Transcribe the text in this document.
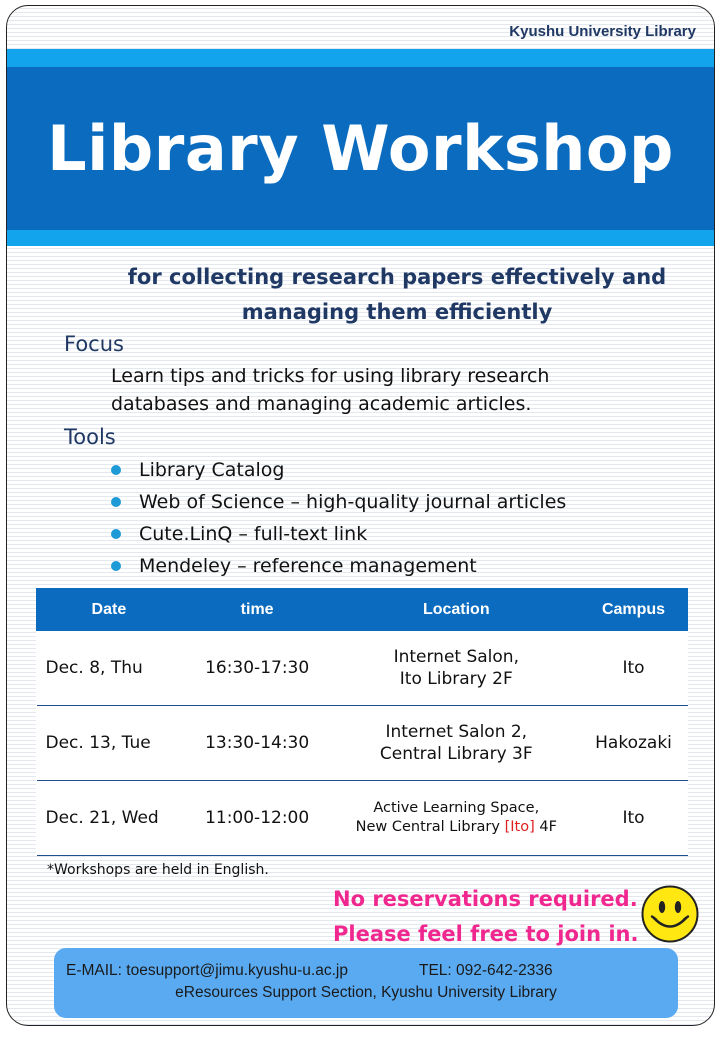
Kyushu University Library
Library Workshop
for collecting research papers effectively and
managing them efficiently
Focus
Learn tips and tricks for using library research
databases and managing academic articles.
Tools
Library Catalog
Web of Science – high-quality journal articles
Cute.LinQ – full-text link
Mendeley – reference management
Date	time	Location	Campus
Dec. 8, Thu	16:30-17:30	Internet Salon,
Ito Library 2F	Ito
Dec. 13, Tue	13:30-14:30	Internet Salon 2,
Central Library 3F	Hakozaki
Dec. 21, Wed	11:00-12:00	Active Learning Space,
New Central Library [Ito] 4F	Ito
*Workshops are held in English.
No reservations required.
Please feel free to join in.
E-MAIL: toesupport@jimu.kyushu-u.ac.jp	TEL: 092-642-2336
eResources Support Section, Kyushu University Library
